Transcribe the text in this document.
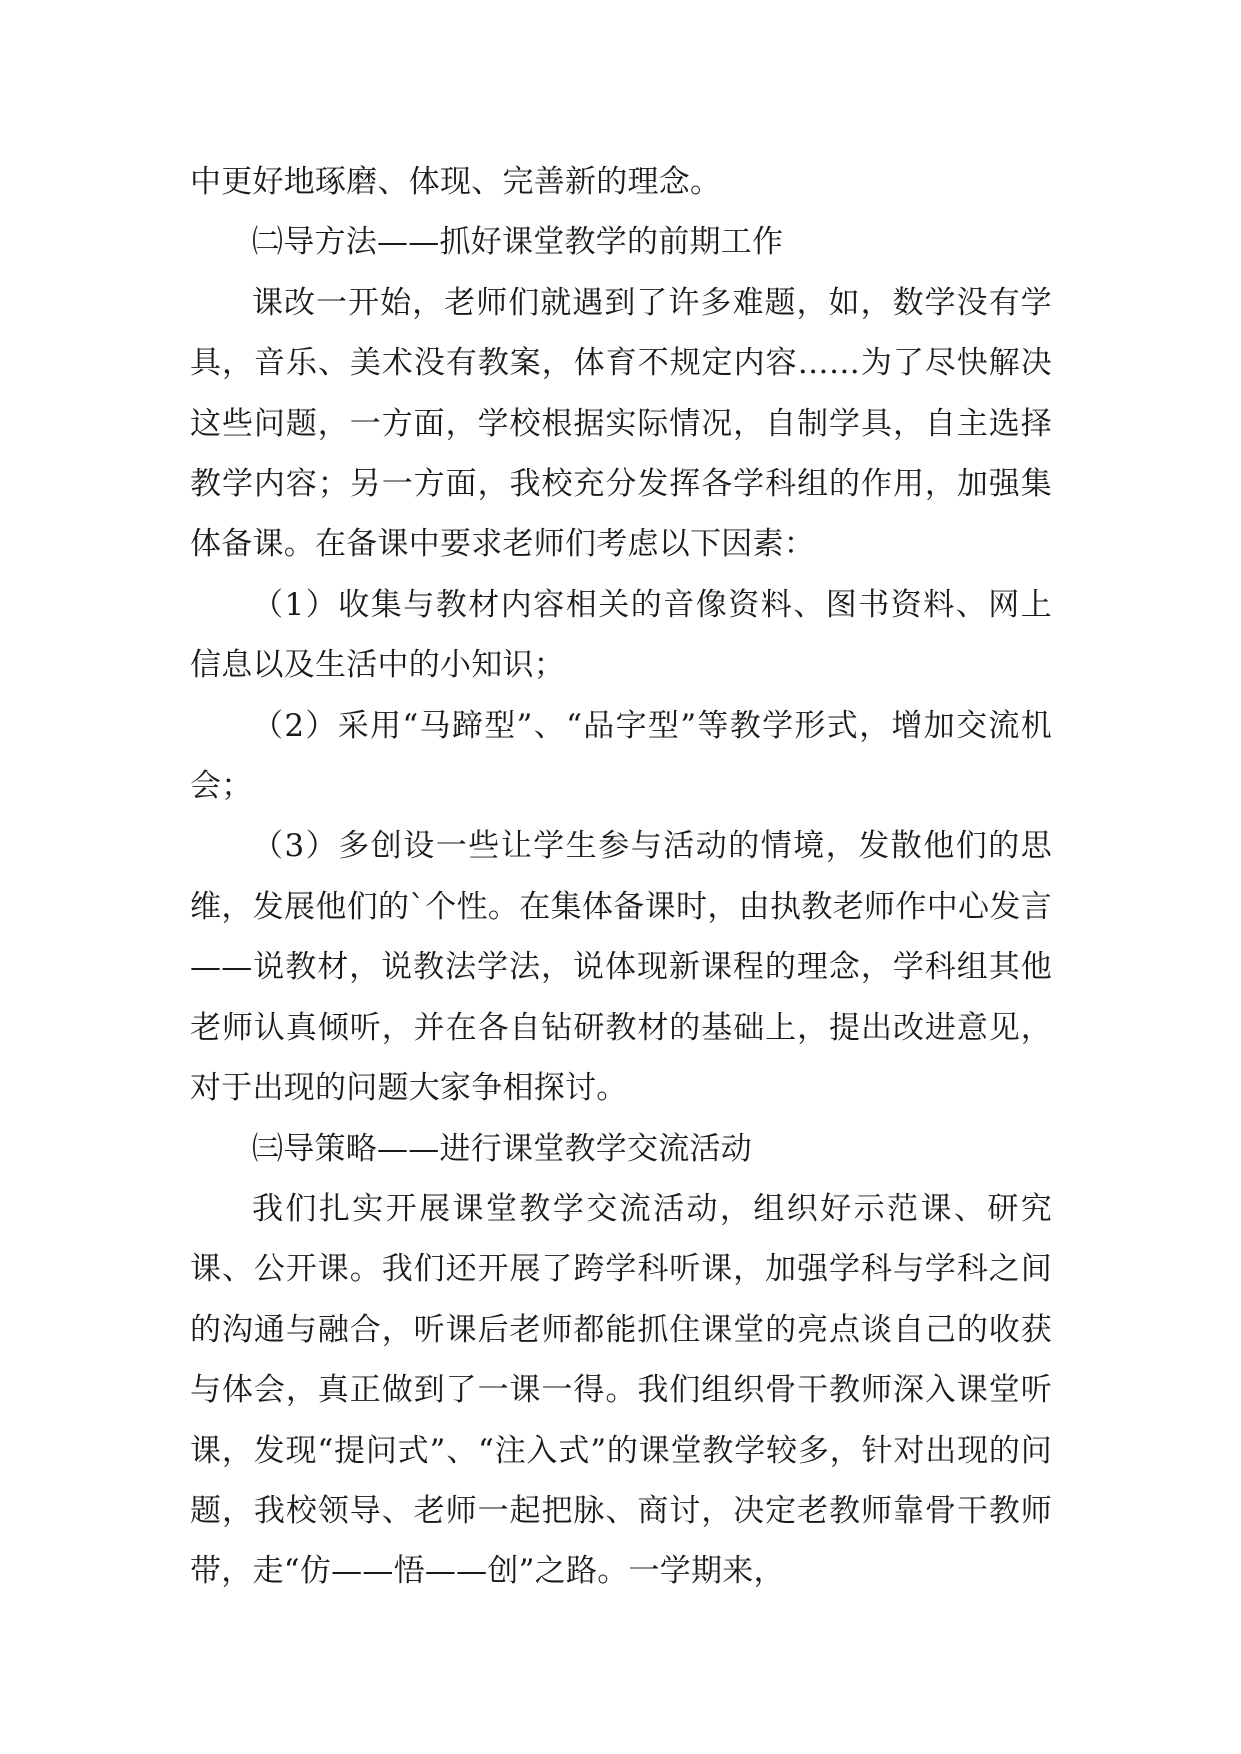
中更好地琢磨、体现、完善新的理念。

㈡导方法——抓好课堂教学的前期工作

课改一开始，老师们就遇到了许多难题，如，数学没有学具，音乐、美术没有教案，体育不规定内容……为了尽快解决这些问题，一方面，学校根据实际情况，自制学具，自主选择教学内容；另一方面，我校充分发挥各学科组的作用，加强集体备课。在备课中要求老师们考虑以下因素：

（1）收集与教材内容相关的音像资料、图书资料、网上信息以及生活中的小知识；

（2）采用“马蹄型”、“品字型”等教学形式，增加交流机会；

（3）多创设一些让学生参与活动的情境，发散他们的思维，发展他们的`个性。在集体备课时，由执教老师作中心发言——说教材，说教法学法，说体现新课程的理念，学科组其他老师认真倾听，并在各自钻研教材的基础上，提出改进意见，对于出现的问题大家争相探讨。

㈢导策略——进行课堂教学交流活动

我们扎实开展课堂教学交流活动，组织好示范课、研究课、公开课。我们还开展了跨学科听课，加强学科与学科之间的沟通与融合，听课后老师都能抓住课堂的亮点谈自己的收获与体会，真正做到了一课一得。我们组织骨干教师深入课堂听课，发现“提问式”、“注入式”的课堂教学较多，针对出现的问题，我校领导、老师一起把脉、商讨，决定老教师靠骨干教师带，走“仿——悟——创”之路。一学期来，
